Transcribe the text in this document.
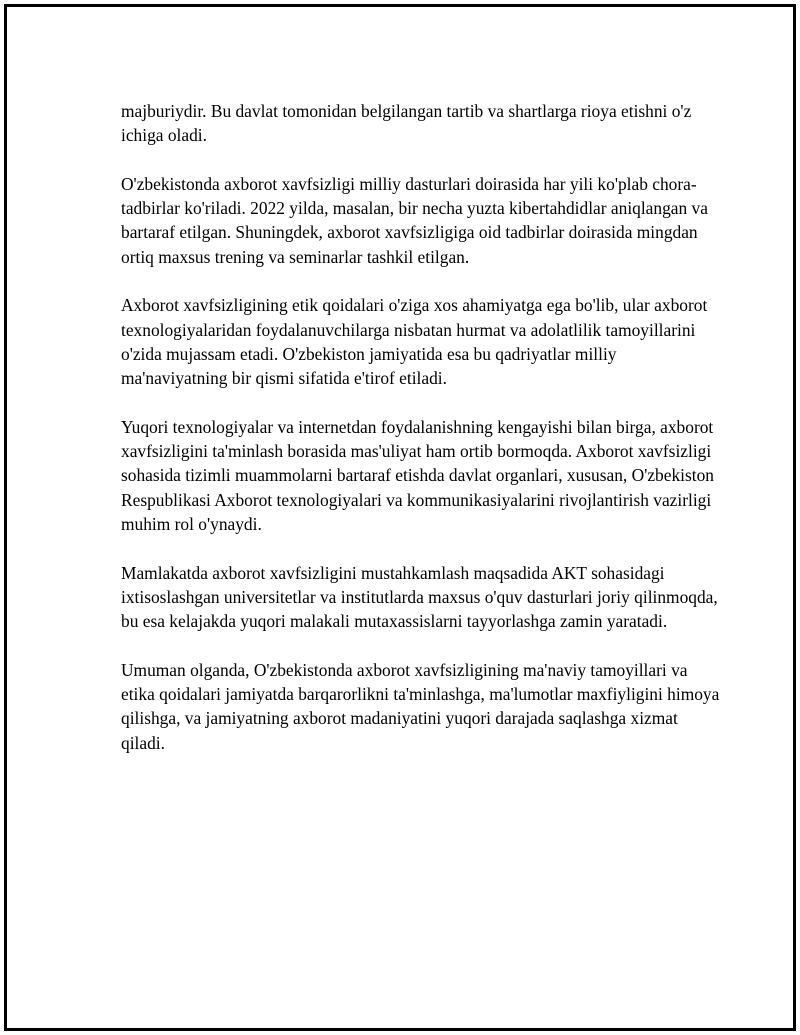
majburiydir. Bu davlat tomonidan belgilangan tartib va shartlarga rioya etishni o'z ichiga oladi.

O'zbekistonda axborot xavfsizligi milliy dasturlari doirasida har yili ko'plab chora-tadbirlar ko'riladi. 2022 yilda, masalan, bir necha yuzta kibertahdidlar aniqlangan va bartaraf etilgan. Shuningdek, axborot xavfsizligiga oid tadbirlar doirasida mingdan ortiq maxsus trening va seminarlar tashkil etilgan.

Axborot xavfsizligining etik qoidalari o'ziga xos ahamiyatga ega bo'lib, ular axborot texnologiyalaridan foydalanuvchilarga nisbatan hurmat va adolatlilik tamoyillarini o'zida mujassam etadi. O'zbekiston jamiyatida esa bu qadriyatlar milliy ma'naviyatning bir qismi sifatida e'tirof etiladi.

Yuqori texnologiyalar va internetdan foydalanishning kengayishi bilan birga, axborot xavfsizligini ta'minlash borasida mas'uliyat ham ortib bormoqda. Axborot xavfsizligi sohasida tizimli muammolarni bartaraf etishda davlat organlari, xususan, O'zbekiston Respublikasi Axborot texnologiyalari va kommunikasiyalarini rivojlantirish vazirligi muhim rol o'ynaydi.

Mamlakatda axborot xavfsizligini mustahkamlash maqsadida AKT sohasidagi ixtisoslashgan universitetlar va institutlarda maxsus o'quv dasturlari joriy qilinmoqda, bu esa kelajakda yuqori malakali mutaxassislarni tayyorlashga zamin yaratadi.

Umuman olganda, O'zbekistonda axborot xavfsizligining ma'naviy tamoyillari va etika qoidalari jamiyatda barqarorlikni ta'minlashga, ma'lumotlar maxfiyligini himoya qilishga, va jamiyatning axborot madaniyatini yuqori darajada saqlashga xizmat qiladi.
